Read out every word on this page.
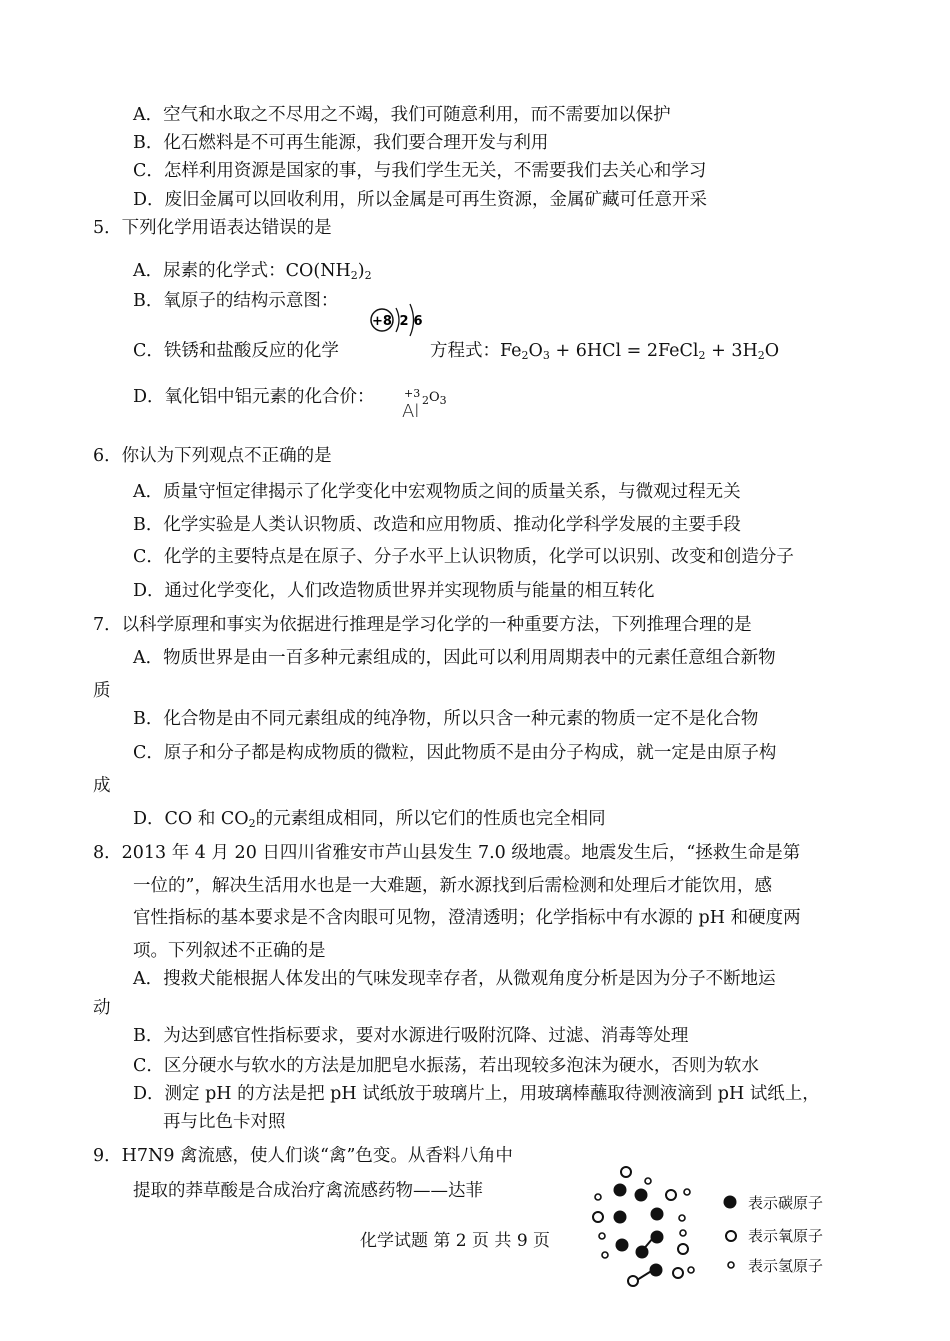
A．空气和水取之不尽用之不竭，我们可随意利用，而不需要加以保护
B．化石燃料是不可再生能源，我们要合理开发与利用
C．怎样利用资源是国家的事，与我们学生无关，不需要我们去关心和学习
D．废旧金属可以回收利用，所以金属是可再生资源，金属矿藏可任意开采
5．下列化学用语表达错误的是
A．尿素的化学式：$CO(NH_2)_2$
B．氧原子的结构示意图：
+8 2 6
C．铁锈和盐酸反应的化学	方程式：$Fe_2O_3 + 6HCl$ = 2FeCl$_2$ + $3H_2O$
D．氧化铝中铝元素的化合价：	+3
Al
$_2O_3$
6．你认为下列观点不正确的是
A．质量守恒定律揭示了化学变化中宏观物质之间的质量关系，与微观过程无关
B．化学实验是人类认识物质、改造和应用物质、推动化学科学发展的主要手段
C．化学的主要特点是在原子、分子水平上认识物质，化学可以识别、改变和创造分子
D．通过化学变化，人们改造物质世界并实现物质与能量的相互转化
7．以科学原理和事实为依据进行推理是学习化学的一种重要方法，下列推理合理的是
A．物质世界是由一百多种元素组成的，因此可以利用周期表中的元素任意组合新物
质
B．化合物是由不同元素组成的纯净物，所以只含一种元素的物质一定不是化合物
C．原子和分子都是构成物质的微粒，因此物质不是由分子构成，就一定是由原子构
成
D．CO 和 $CO_2$的元素组成相同，所以它们的性质也完全相同
8．2013 年 4 月 20 日四川省雅安市芦山县发生 7.0 级地震。地震发生后，“拯救生命是第
一位的”，解决生活用水也是一大难题，新水源找到后需检测和处理后才能饮用，感
官性指标的基本要求是不含肉眼可见物，澄清透明；化学指标中有水源的 pH 和硬度两
项。下列叙述不正确的是
A．搜救犬能根据人体发出的气味发现幸存者，从微观角度分析是因为分子不断地运
动
B．为达到感官性指标要求，要对水源进行吸附沉降、过滤、消毒等处理
C．区分硬水与软水的方法是加肥皂水振荡，若出现较多泡沫为硬水，否则为软水
D．测定 pH 的方法是把 pH 试纸放于玻璃片上，用玻璃棒蘸取待测液滴到 pH 试纸上，
再与比色卡对照
9．H7N9 禽流感，使人们谈“禽”色变。从香料八角中
提取的莽草酸是合成治疗禽流感药物——达菲
表示碳原子
表示氧原子
表示氢原子
化学试题 第 2 页 共 9 页
